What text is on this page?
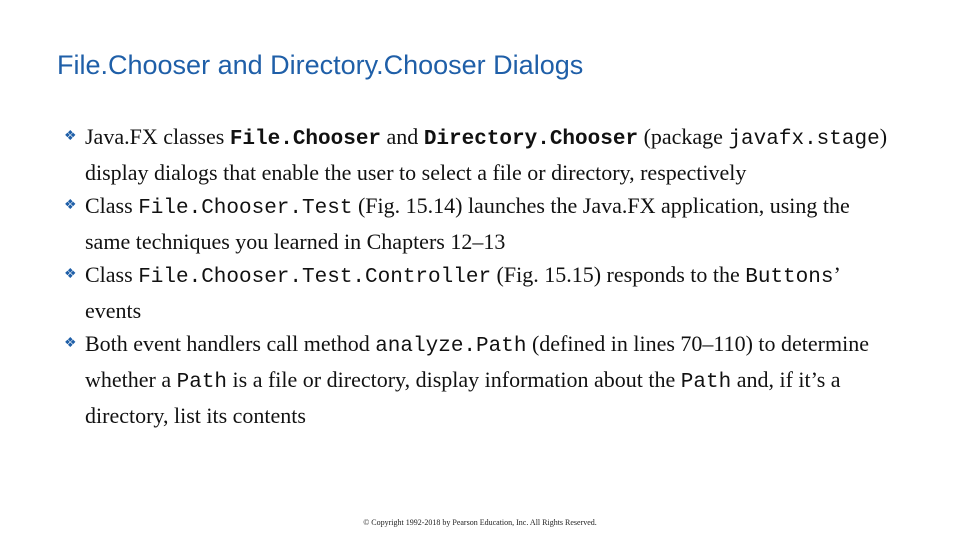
File.Chooser and Directory.Chooser Dialogs
❖ Java.FX classes File.Chooser and Directory.Chooser (package javafx.stage) display dialogs that enable the user to select a file or directory, respectively
❖ Class File.Chooser.Test (Fig. 15.14) launches the Java.FX application, using the same techniques you learned in Chapters 12–13
❖ Class File.Chooser.Test.Controller (Fig. 15.15) responds to the Buttons’ events
❖ Both event handlers call method analyze.Path (defined in lines 70–110) to determine whether a Path is a file or directory, display information about the Path and, if it’s a directory, list its contents
© Copyright 1992-2018 by Pearson Education, Inc. All Rights Reserved.
